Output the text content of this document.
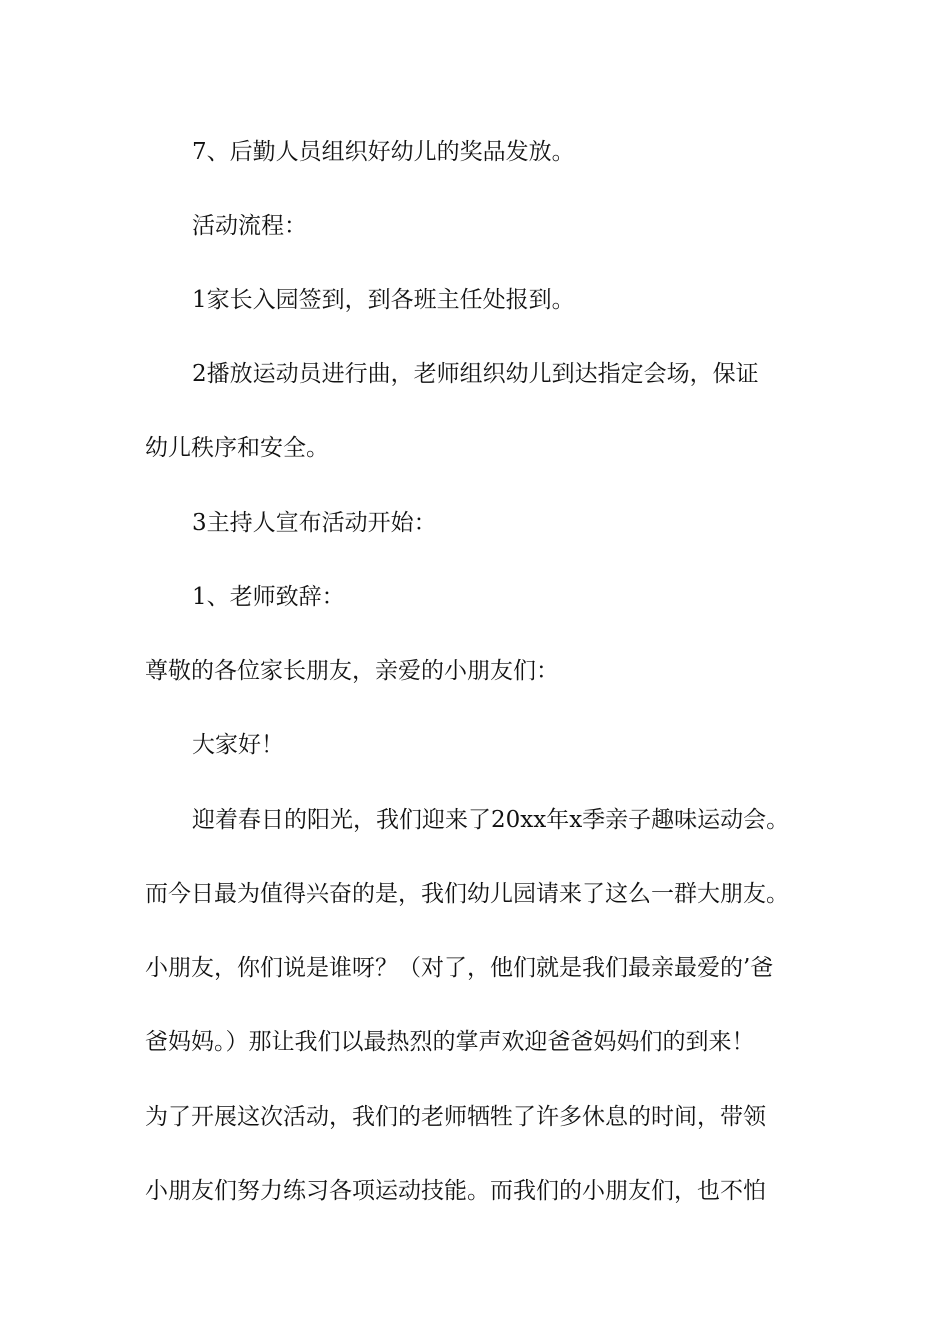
7、后勤人员组织好幼儿的奖品发放。

活动流程：

1家长入园签到，到各班主任处报到。

2播放运动员进行曲，老师组织幼儿到达指定会场，保证

幼儿秩序和安全。

3主持人宣布活动开始：

1、老师致辞：

尊敬的各位家长朋友，亲爱的小朋友们：

大家好！

迎着春日的阳光，我们迎来了20xx年x季亲子趣味运动会。

而今日最为值得兴奋的是，我们幼儿园请来了这么一群大朋友。

小朋友，你们说是谁呀？（对了，他们就是我们最亲最爱的’爸

爸妈妈。）那让我们以最热烈的掌声欢迎爸爸妈妈们的到来！

为了开展这次活动，我们的老师牺牲了许多休息的时间，带领

小朋友们努力练习各项运动技能。而我们的小朋友们，也不怕
